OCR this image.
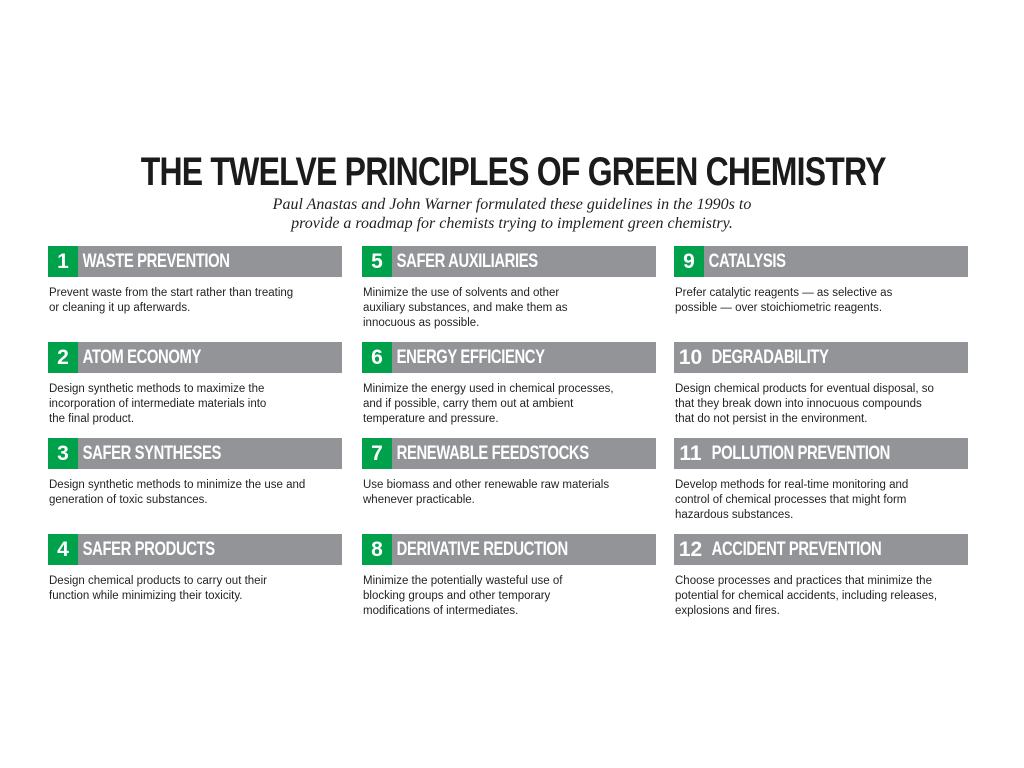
THE TWELVE PRINCIPLES OF GREEN CHEMISTRY
Paul Anastas and John Warner formulated these guidelines in the 1990s to
provide a roadmap for chemists trying to implement green chemistry.
1 WASTE PREVENTION
Prevent waste from the start rather than treating
or cleaning it up afterwards.
2 ATOM ECONOMY
Design synthetic methods to maximize the
incorporation of intermediate materials into
the final product.
3 SAFER SYNTHESES
Design synthetic methods to minimize the use and
generation of toxic substances.
4 SAFER PRODUCTS
Design chemical products to carry out their
function while minimizing their toxicity.
5 SAFER AUXILIARIES
Minimize the use of solvents and other
auxiliary substances, and make them as
innocuous as possible.
6 ENERGY EFFICIENCY
Minimize the energy used in chemical processes,
and if possible, carry them out at ambient
temperature and pressure.
7 RENEWABLE FEEDSTOCKS
Use biomass and other renewable raw materials
whenever practicable.
8 DERIVATIVE REDUCTION
Minimize the potentially wasteful use of
blocking groups and other temporary
modifications of intermediates.
9 CATALYSIS
Prefer catalytic reagents — as selective as
possible — over stoichiometric reagents.
10 DEGRADABILITY
Design chemical products for eventual disposal, so
that they break down into innocuous compounds
that do not persist in the environment.
11 POLLUTION PREVENTION
Develop methods for real-time monitoring and
control of chemical processes that might form
hazardous substances.
12 ACCIDENT PREVENTION
Choose processes and practices that minimize the
potential for chemical accidents, including releases,
explosions and fires.
